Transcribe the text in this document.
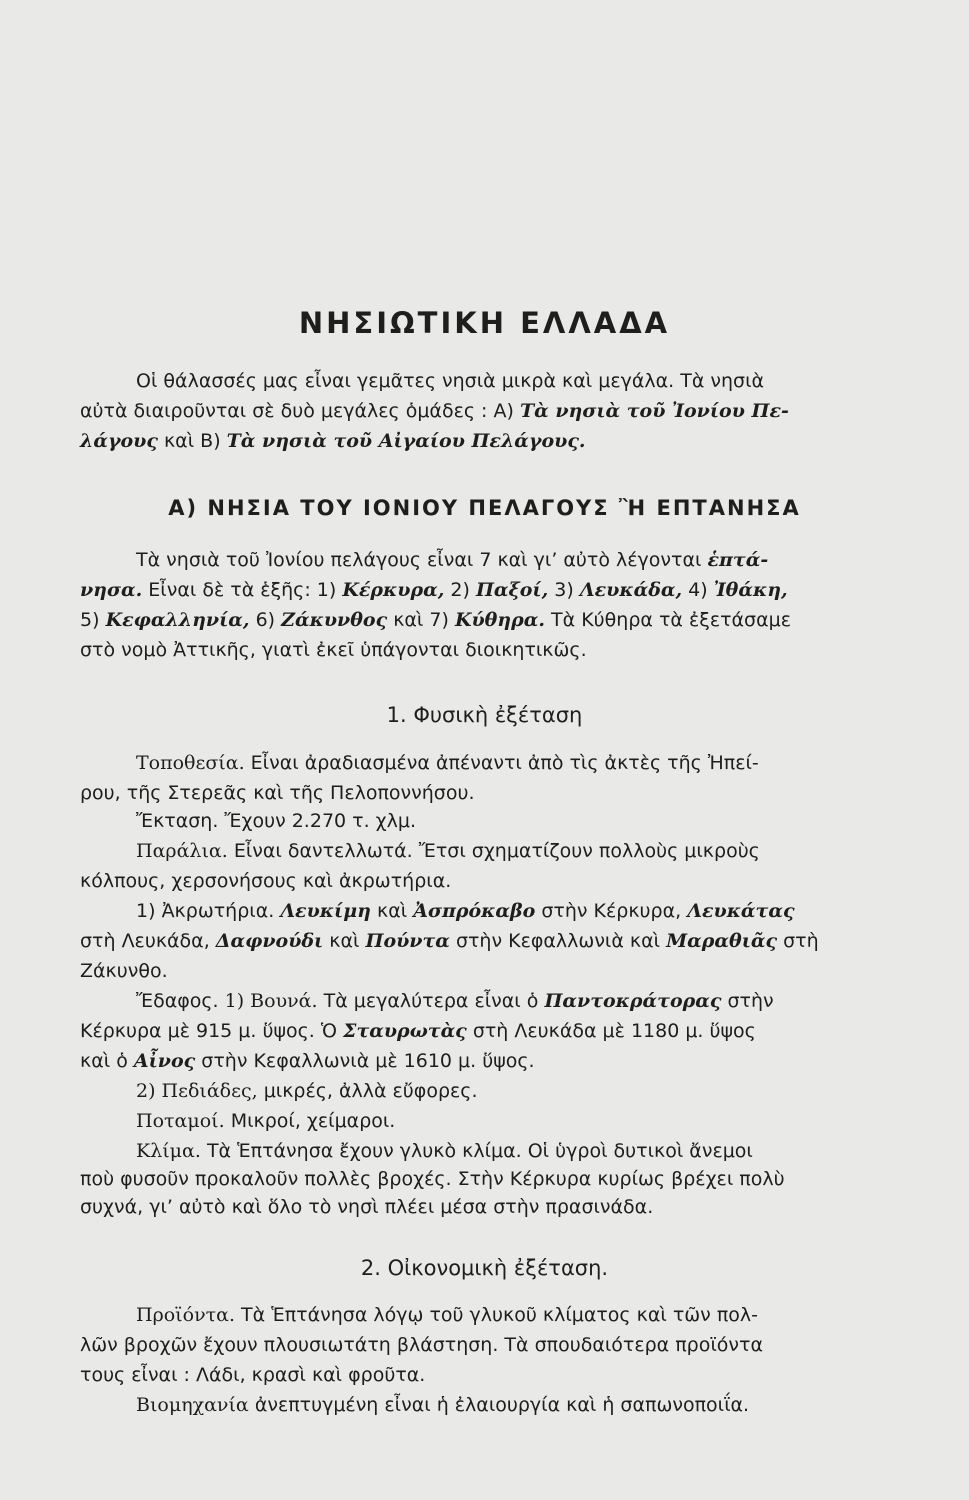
ΝΗΣΙΩΤΙΚΗ ΕΛΛΑΔΑ
Οἱ θάλασσές μας εἶναι γεμᾶτες νησιὰ μικρὰ καὶ μεγάλα. Τὰ νησιὰ
αὐτὰ διαιροῦνται σὲ δυὸ μεγάλες ὁμάδες : Α) Τὰ νησιὰ τοῦ Ἰονίου Πε-
λάγους καὶ Β) Τὰ νησιὰ τοῦ Αἰγαίου Πελάγους.
Α) ΝΗΣΙΑ ΤΟΥ ΙΟΝΙΟΥ ΠΕΛΑΓΟΥΣ Ἢ ΕΠΤΑΝΗΣΑ
Τὰ νησιὰ τοῦ Ἰονίου πελάγους εἶναι 7 καὶ γι’ αὐτὸ λέγονται ἑπτά-
νησα. Εἶναι δὲ τὰ ἑξῆς: 1) Κέρκυρα, 2) Παξοί, 3) Λευκάδα, 4) Ἰθάκη,
5) Κεφαλληνία, 6) Ζάκυνθος καὶ 7) Κύθηρα. Τὰ Κύθηρα τὰ ἐξετάσαμε
στὸ νομὸ Ἀττικῆς, γιατὶ ἐκεῖ ὑπάγονται διοικητικῶς.
1. Φυσικὴ ἐξέταση
Τοποθεσία. Εἶναι ἀραδιασμένα ἀπέναντι ἀπὸ τὶς ἀκτὲς τῆς Ἠπεί-
ρου, τῆς Στερεᾶς καὶ τῆς Πελοποννήσου.
Ἔκταση. Ἔχουν 2.270 τ. χλμ.
Παράλια. Εἶναι δαντελλωτά. Ἔτσι σχηματίζουν πολλοὺς μικροὺς
κόλπους, χερσονήσους καὶ ἀκρωτήρια.
1) Ἀκρωτήρια. Λευκίμη καὶ Ἀσπρόκαβο στὴν Κέρκυρα, Λευκάτας
στὴ Λευκάδα, Δαφνούδι καὶ Πούντα στὴν Κεφαλλωνιὰ καὶ Μαραθιᾶς στὴ
Ζάκυνθο.
Ἔδαφος. 1) Βουνά. Τὰ μεγαλύτερα εἶναι ὁ Παντοκράτορας στὴν
Κέρκυρα μὲ 915 μ. ὕψος. Ὁ Σταυρωτὰς στὴ Λευκάδα μὲ 1180 μ. ὕψος
καὶ ὁ Αἶνος στὴν Κεφαλλωνιὰ μὲ 1610 μ. ὕψος.
2) Πεδιάδες, μικρές, ἀλλὰ εὔφορες.
Ποταμοί. Μικροί, χείμαροι.
Κλίμα. Τὰ Ἑπτάνησα ἔχουν γλυκὸ κλίμα. Οἱ ὑγροὶ δυτικοὶ ἄνεμοι
ποὺ φυσοῦν προκαλοῦν πολλὲς βροχές. Στὴν Κέρκυρα κυρίως βρέχει πολὺ
συχνά, γι’ αὐτὸ καὶ ὅλο τὸ νησὶ πλέει μέσα στὴν πρασινάδα.
2. Οἰκονομικὴ ἐξέταση.
Προϊόντα. Τὰ Ἑπτάνησα λόγῳ τοῦ γλυκοῦ κλίματος καὶ τῶν πολ-
λῶν βροχῶν ἔχουν πλουσιωτάτη βλάστηση. Τὰ σπουδαιότερα προϊόντα
τους εἶναι : Λάδι, κρασὶ καὶ φροῦτα.
Βιομηχανία ἀνεπτυγμένη εἶναι ἡ ἐλαιουργία καὶ ἡ σαπωνοποιΐα.
